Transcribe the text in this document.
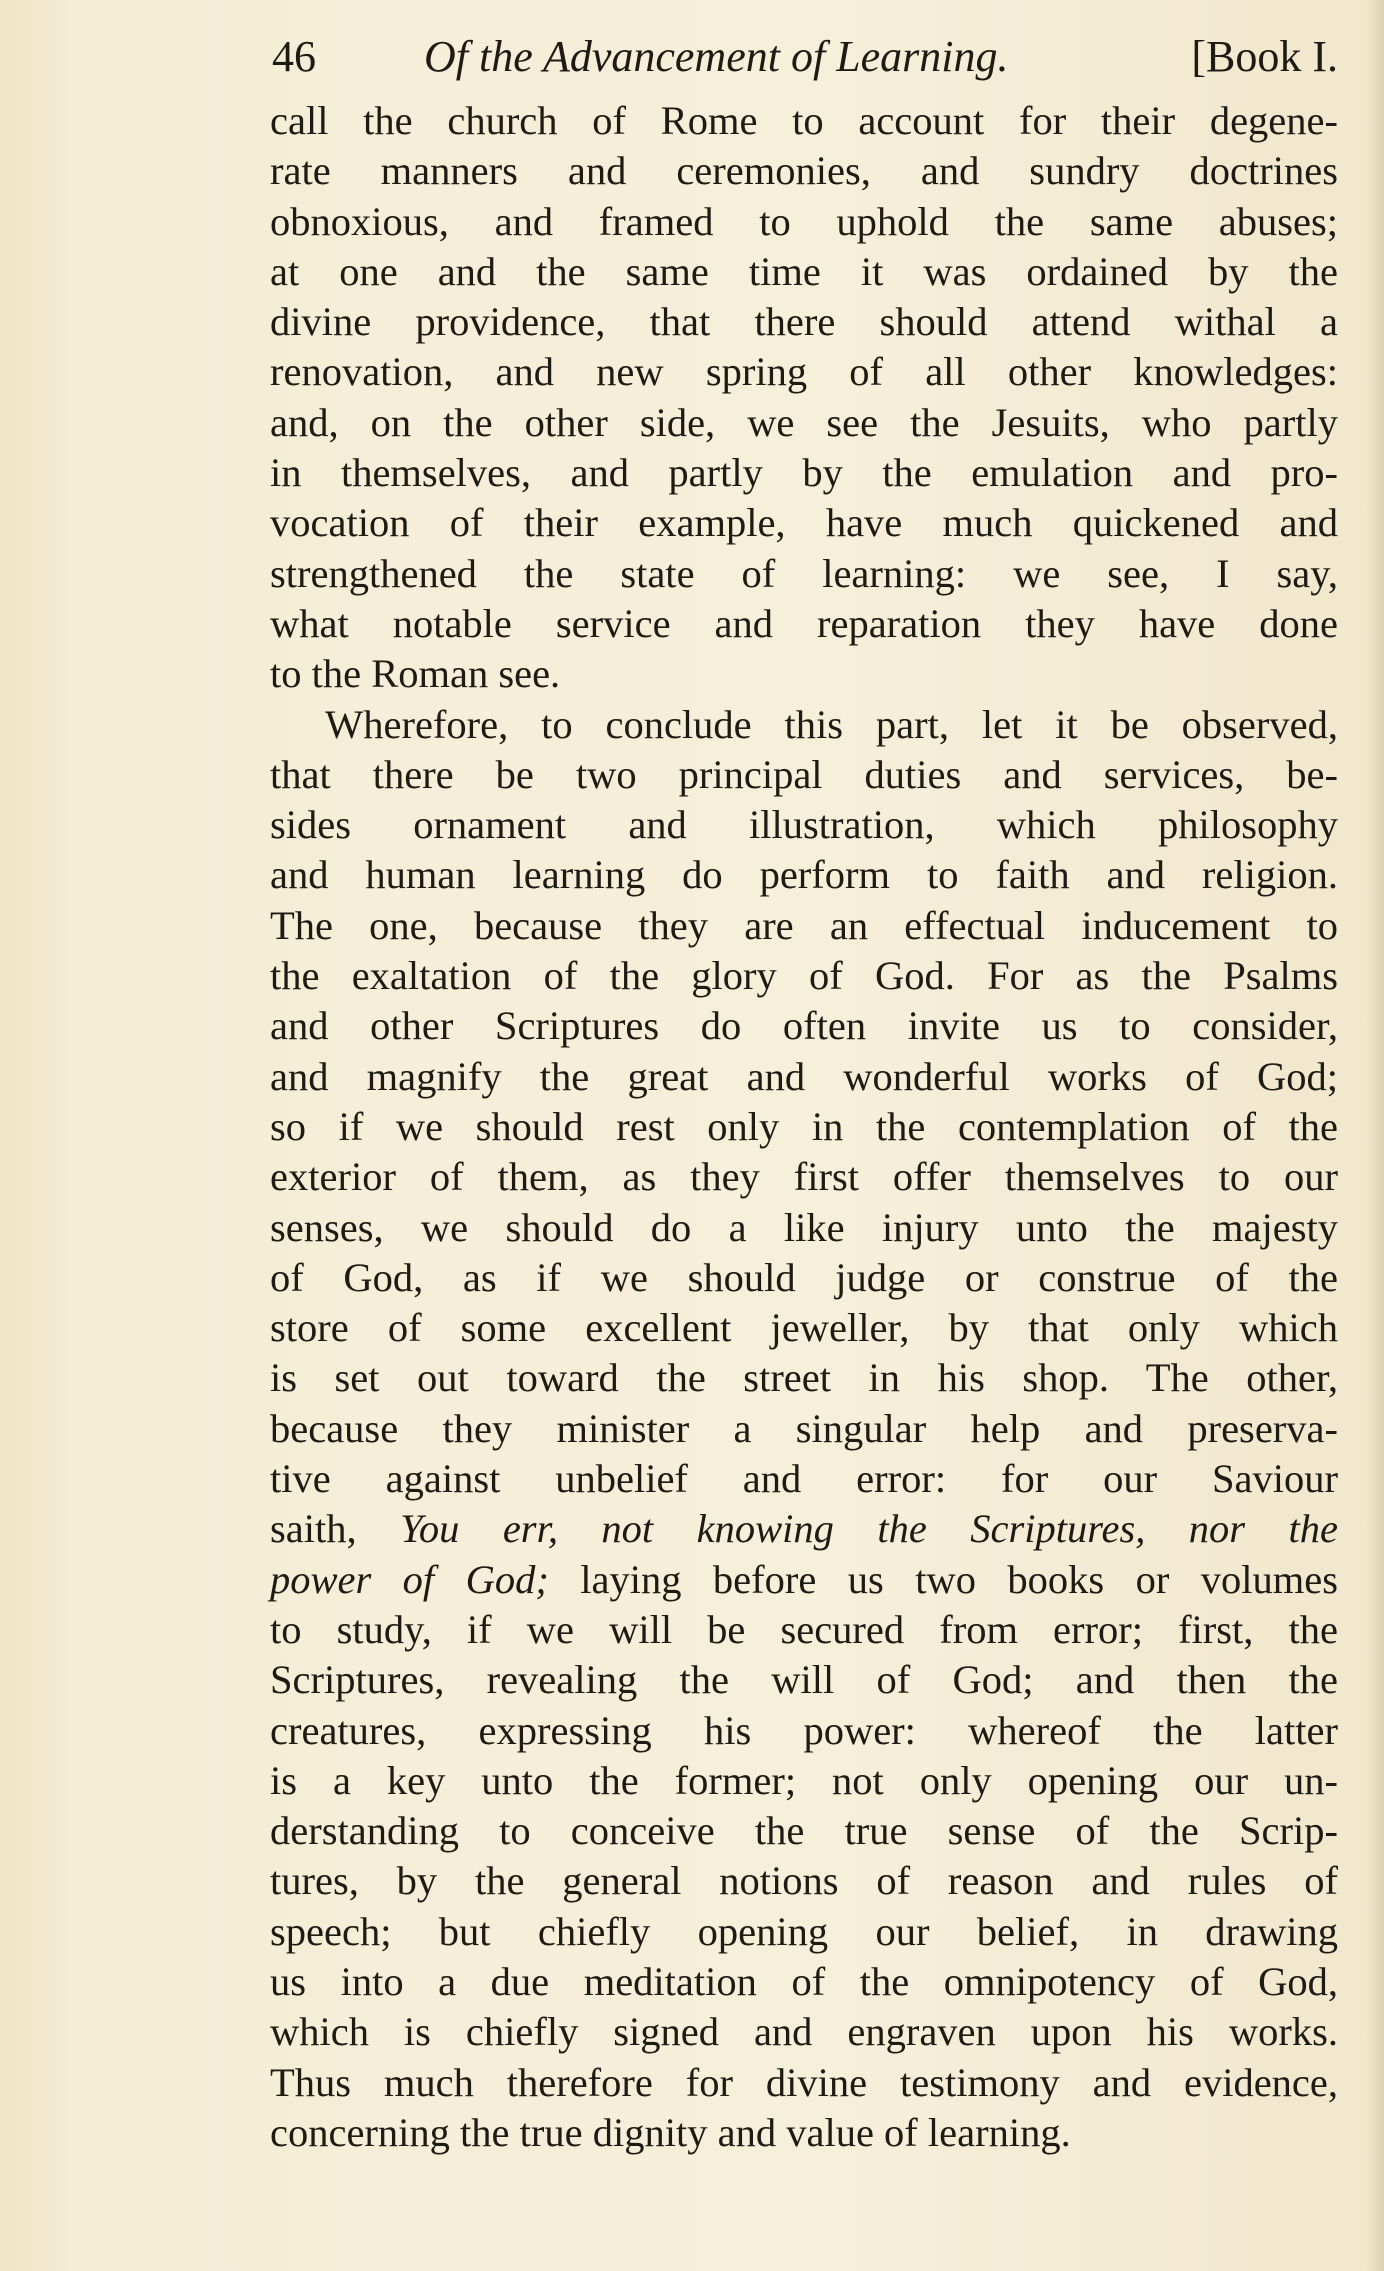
46 Of the Advancement of Learning.	[Book I.
call the church of Rome to account for their degene-
rate manners and ceremonies, and sundry doctrines
obnoxious, and framed to uphold the same abuses;
at one and the same time it was ordained by the
divine providence, that there should attend withal a
renovation, and new spring of all other knowledges:
and, on the other side, we see the Jesuits, who partly
in themselves, and partly by the emulation and pro-
vocation of their example, have much quickened and
strengthened the state of learning: we see, I say,
what notable service and reparation they have done
to the Roman see.
Wherefore, to conclude this part, let it be observed,
that there be two principal duties and services, be-
sides ornament and illustration, which philosophy
and human learning do perform to faith and religion.
The one, because they are an effectual inducement to
the exaltation of the glory of God. For as the Psalms
and other Scriptures do often invite us to consider,
and magnify the great and wonderful works of God;
so if we should rest only in the contemplation of the
exterior of them, as they first offer themselves to our
senses, we should do a like injury unto the majesty
of God, as if we should judge or construe of the
store of some excellent jeweller, by that only which
is set out toward the street in his shop. The other,
because they minister a singular help and preserva-
tive against unbelief and error: for our Saviour
saith, You err, not knowing the Scriptures, nor the
power of God; laying before us two books or volumes
to study, if we will be secured from error; first, the
Scriptures, revealing the will of God; and then the
creatures, expressing his power: whereof the latter
is a key unto the former; not only opening our un-
derstanding to conceive the true sense of the Scrip-
tures, by the general notions of reason and rules of
speech; but chiefly opening our belief, in drawing
us into a due meditation of the omnipotency of God,
which is chiefly signed and engraven upon his works.
Thus much therefore for divine testimony and evidence,
concerning the true dignity and value of learning.
